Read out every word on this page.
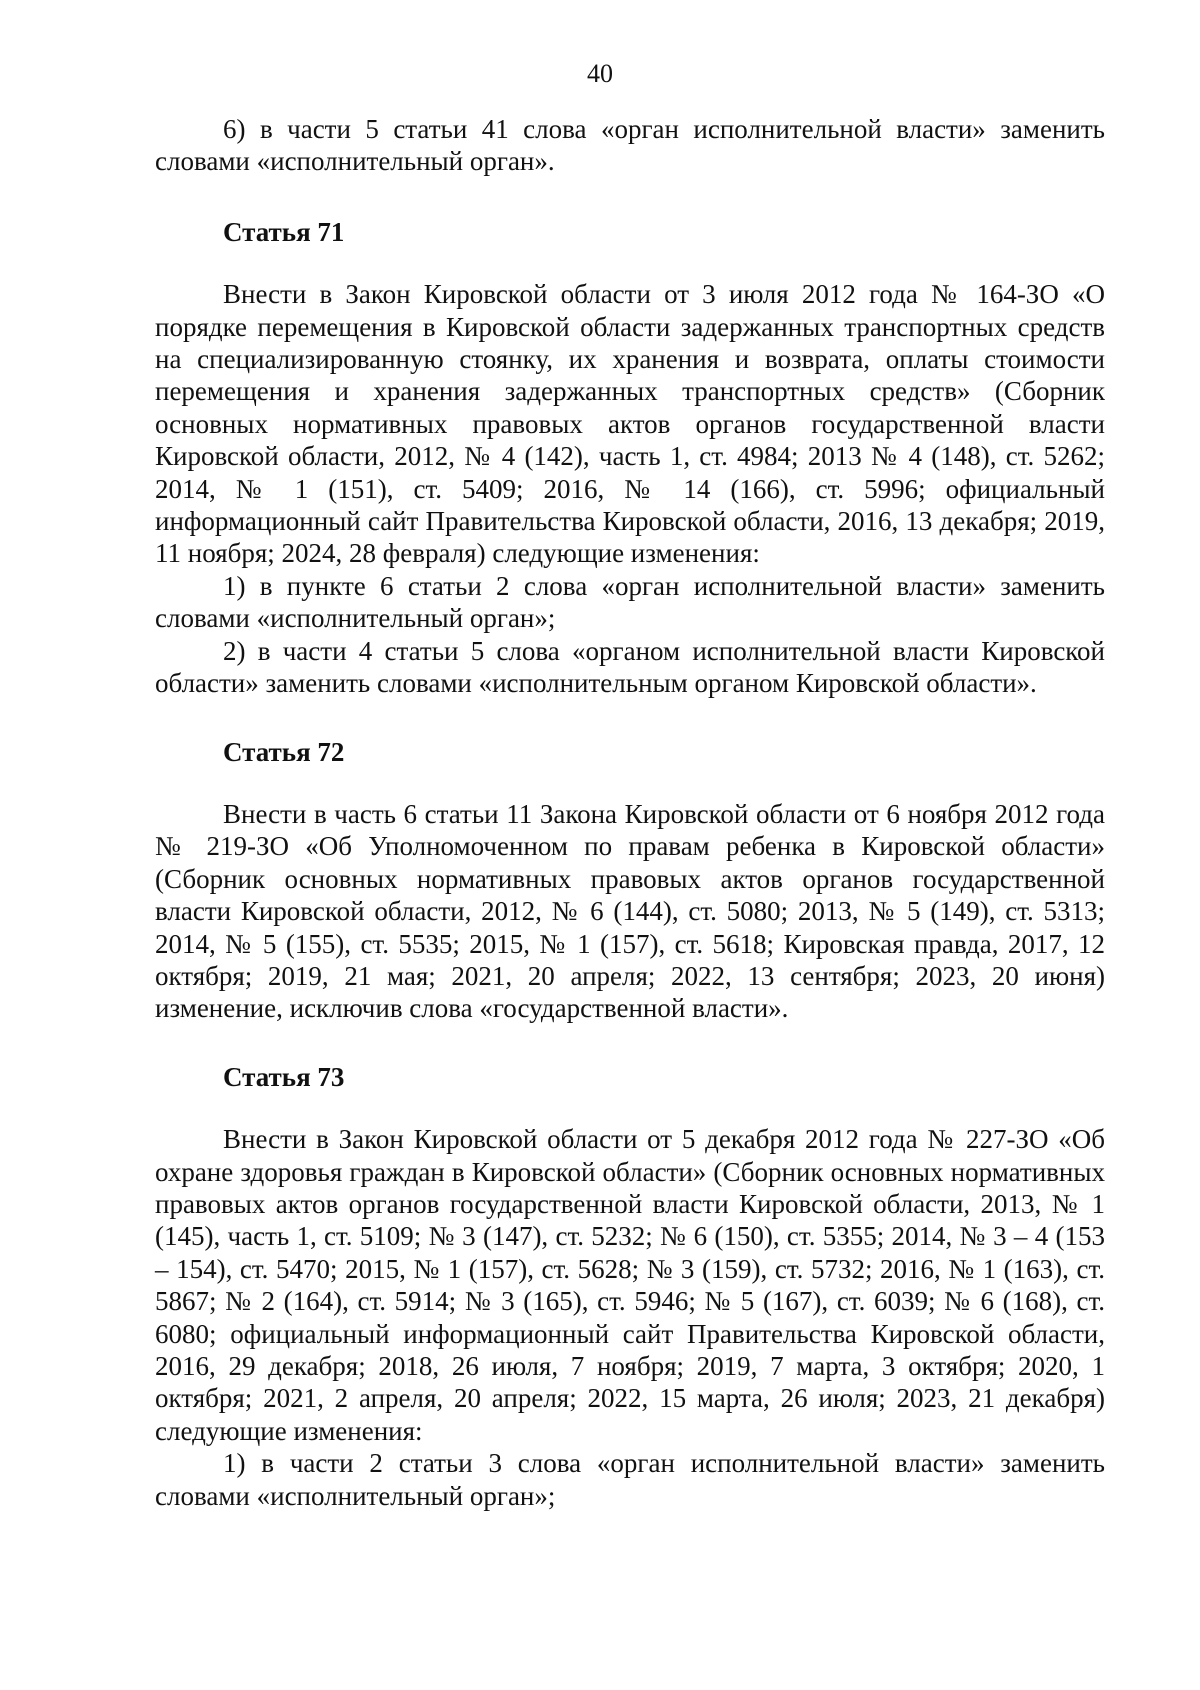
40

6) в части 5 статьи 41 слова «орган исполнительной власти» заменить словами «исполнительный орган».

Статья 71

Внести в Закон Кировской области от 3 июля 2012 года № 164-ЗО «О порядке перемещения в Кировской области задержанных транспортных средств на специализированную стоянку, их хранения и возврата, оплаты стоимости перемещения и хранения задержанных транспортных средств» (Сборник основных нормативных правовых актов органов государственной власти Кировской области, 2012, № 4 (142), часть 1, ст. 4984; 2013 № 4 (148), ст. 5262; 2014, № 1 (151), ст. 5409; 2016, № 14 (166), ст. 5996; официальный информационный сайт Правительства Кировской области, 2016, 13 декабря; 2019, 11 ноября; 2024, 28 февраля) следующие изменения:

1) в пункте 6 статьи 2 слова «орган исполнительной власти» заменить словами «исполнительный орган»;

2) в части 4 статьи 5 слова «органом исполнительной власти Кировской области» заменить словами «исполнительным органом Кировской области».

Статья 72

Внести в часть 6 статьи 11 Закона Кировской области от 6 ноября 2012 года № 219-ЗО «Об Уполномоченном по правам ребенка в Кировской области» (Сборник основных нормативных правовых актов органов государственной власти Кировской области, 2012, № 6 (144), ст. 5080; 2013, № 5 (149), ст. 5313; 2014, № 5 (155), ст. 5535; 2015, № 1 (157), ст. 5618; Кировская правда, 2017, 12 октября; 2019, 21 мая; 2021, 20 апреля; 2022, 13 сентября; 2023, 20 июня) изменение, исключив слова «государственной власти».

Статья 73

Внести в Закон Кировской области от 5 декабря 2012 года № 227-ЗО «Об охране здоровья граждан в Кировской области» (Сборник основных нормативных правовых актов органов государственной власти Кировской области, 2013, № 1 (145), часть 1, ст. 5109; № 3 (147), ст. 5232; № 6 (150), ст. 5355; 2014, № 3 – 4 (153 – 154), ст. 5470; 2015, № 1 (157), ст. 5628; № 3 (159), ст. 5732; 2016, № 1 (163), ст. 5867; № 2 (164), ст. 5914; № 3 (165), ст. 5946; № 5 (167), ст. 6039; № 6 (168), ст. 6080; официальный информационный сайт Правительства Кировской области, 2016, 29 декабря; 2018, 26 июля, 7 ноября; 2019, 7 марта, 3 октября; 2020, 1 октября; 2021, 2 апреля, 20 апреля; 2022, 15 марта, 26 июля; 2023, 21 декабря) следующие изменения:

1) в части 2 статьи 3 слова «орган исполнительной власти» заменить словами «исполнительный орган»;
